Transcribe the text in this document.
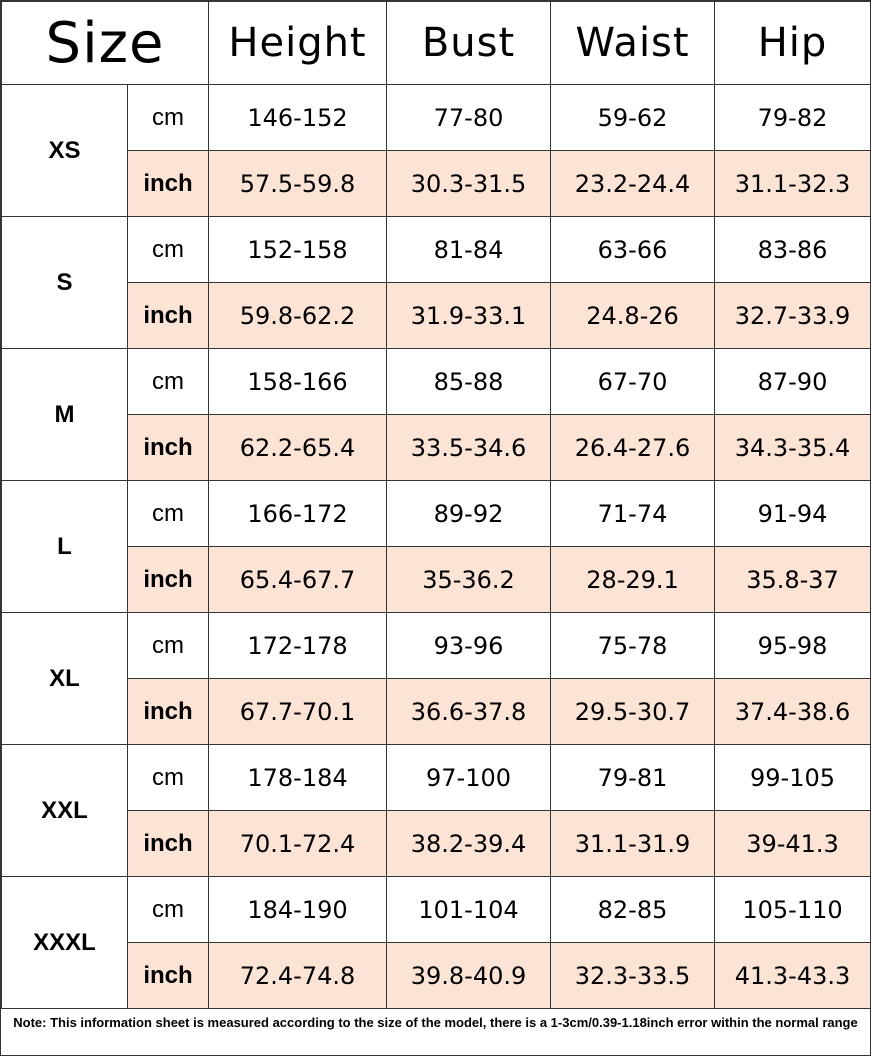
Size		Height	Bust	Waist	Hip
XS	cm	146-152	77-80	59-62	79-82
	inch	57.5-59.8	30.3-31.5	23.2-24.4	31.1-32.3
S	cm	152-158	81-84	63-66	83-86
	inch	59.8-62.2	31.9-33.1	24.8-26	32.7-33.9
M	cm	158-166	85-88	67-70	87-90
	inch	62.2-65.4	33.5-34.6	26.4-27.6	34.3-35.4
L	cm	166-172	89-92	71-74	91-94
	inch	65.4-67.7	35-36.2	28-29.1	35.8-37
XL	cm	172-178	93-96	75-78	95-98
	inch	67.7-70.1	36.6-37.8	29.5-30.7	37.4-38.6
XXL	cm	178-184	97-100	79-81	99-105
	inch	70.1-72.4	38.2-39.4	31.1-31.9	39-41.3
XXXL	cm	184-190	101-104	82-85	105-110
	inch	72.4-74.8	39.8-40.9	32.3-33.5	41.3-43.3
Note: This information sheet is measured according to the size of the model, there is a 1-3cm/0.39-1.18inch error within the normal range
